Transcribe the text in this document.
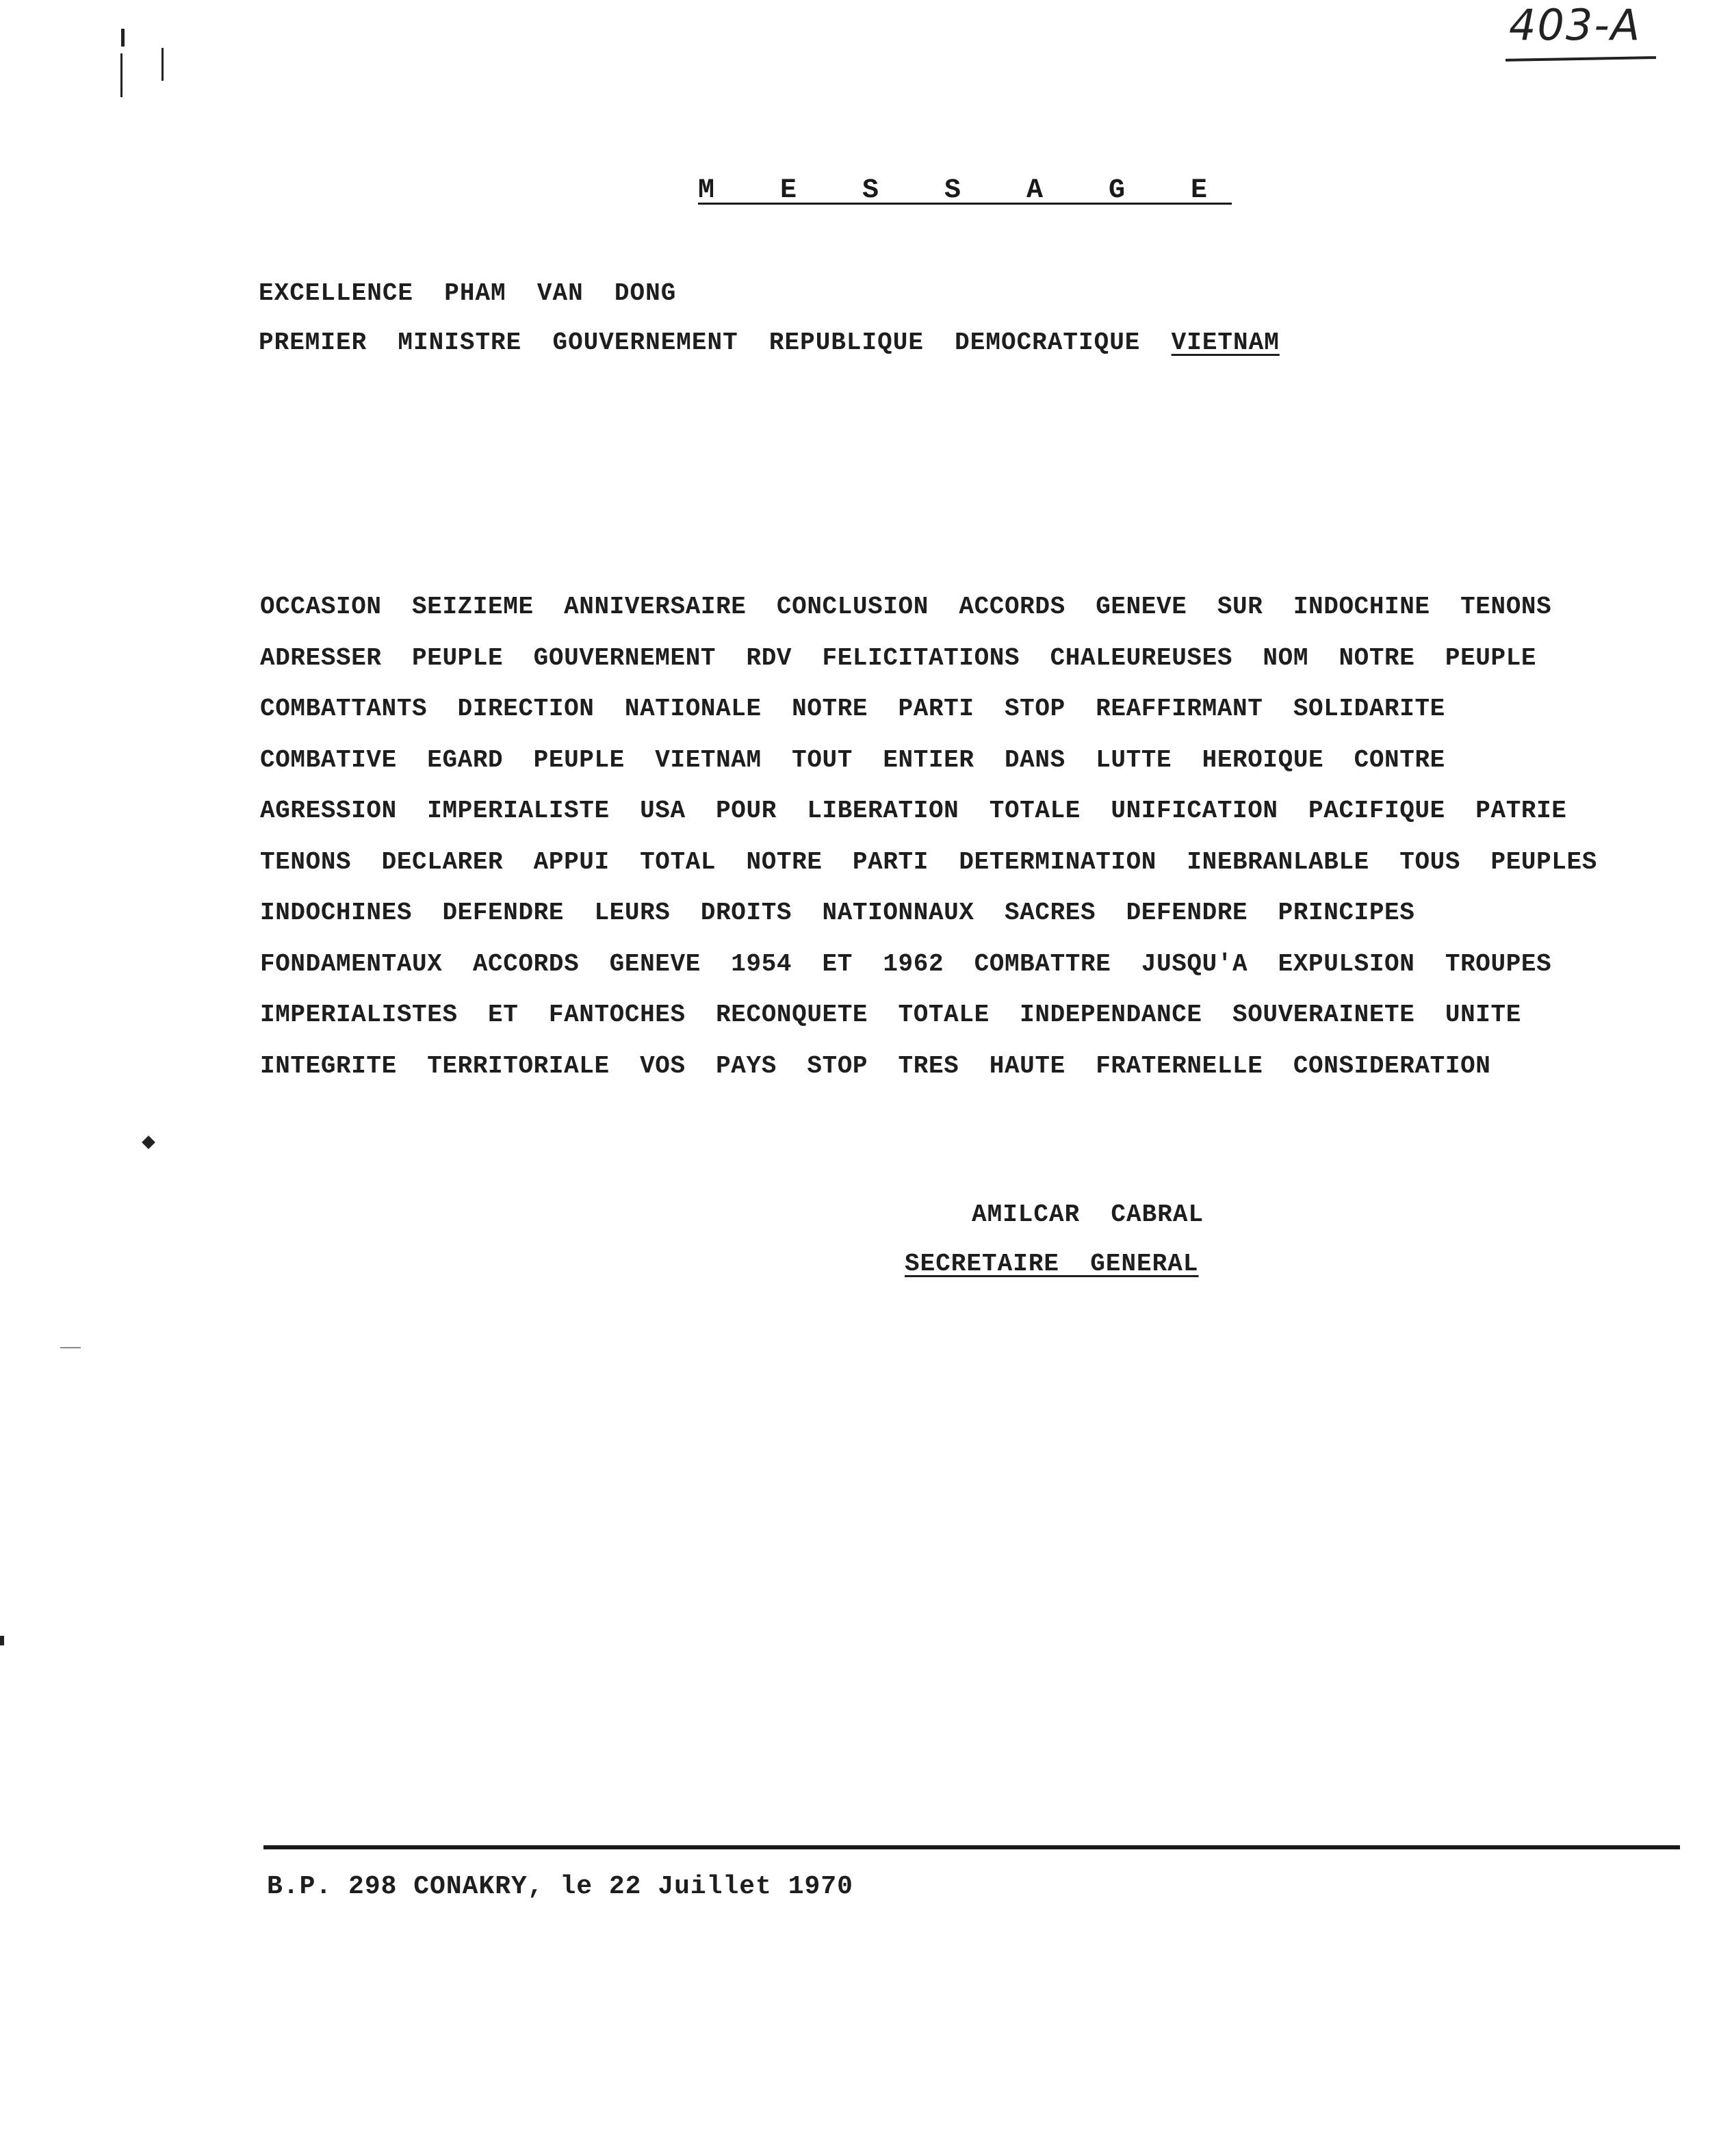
403-A
M E S S A G E
EXCELLENCE  PHAM  VAN  DONG
PREMIER  MINISTRE  GOUVERNEMENT  REPUBLIQUE  DEMOCRATIQUE  VIETNAM
OCCASION  SEIZIEME  ANNIVERSAIRE  CONCLUSION  ACCORDS  GENEVE  SUR  INDOCHINE  TENONS
ADRESSER  PEUPLE  GOUVERNEMENT  RDV  FELICITATIONS  CHALEUREUSES  NOM  NOTRE  PEUPLE
COMBATTANTS  DIRECTION  NATIONALE  NOTRE  PARTI  STOP  REAFFIRMANT  SOLIDARITE
COMBATIVE  EGARD  PEUPLE  VIETNAM  TOUT  ENTIER  DANS  LUTTE  HEROIQUE  CONTRE
AGRESSION  IMPERIALISTE  USA  POUR  LIBERATION  TOTALE  UNIFICATION  PACIFIQUE  PATRIE
TENONS  DECLARER  APPUI  TOTAL  NOTRE  PARTI  DETERMINATION  INEBRANLABLE  TOUS  PEUPLES
INDOCHINES  DEFENDRE  LEURS  DROITS  NATIONNAUX  SACRES  DEFENDRE  PRINCIPES
FONDAMENTAUX  ACCORDS  GENEVE  1954  ET  1962  COMBATTRE  JUSQU'A  EXPULSION  TROUPES
IMPERIALISTES  ET  FANTOCHES  RECONQUETE  TOTALE  INDEPENDANCE  SOUVERAINETE  UNITE
INTEGRITE  TERRITORIALE  VOS  PAYS  STOP  TRES  HAUTE  FRATERNELLE  CONSIDERATION
AMILCAR  CABRAL
SECRETAIRE  GENERAL
B.P. 298 CONAKRY, le 22 Juillet 1970
